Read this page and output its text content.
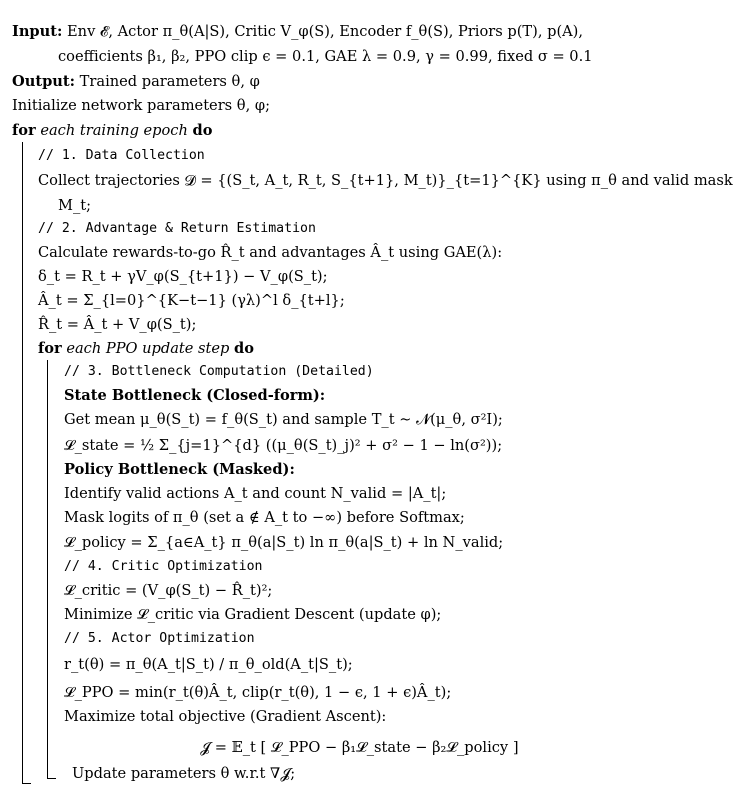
Input: Env 𝓔, Actor π_θ(A|S), Critic V_φ(S), Encoder f_θ(S), Priors p(T), p(A),
coefficients β₁, β₂, PPO clip ϵ = 0.1, GAE λ = 0.9, γ = 0.99, fixed σ = 0.1
Output: Trained parameters θ, φ
Initialize network parameters θ, φ;
for each training epoch do
// 1. Data Collection
Collect trajectories 𝓓 = {(S_t, A_t, R_t, S_{t+1}, M_t)}_{t=1}^{K} using π_θ and valid mask
M_t;
// 2. Advantage & Return Estimation
Calculate rewards-to-go R̂_t and advantages Â_t using GAE(λ):
δ_t = R_t + γV_φ(S_{t+1}) − V_φ(S_t);
Â_t = Σ_{l=0}^{K−t−1} (γλ)^l δ_{t+l};
R̂_t = Â_t + V_φ(S_t);
for each PPO update step do
// 3. Bottleneck Computation (Detailed)
State Bottleneck (Closed-form):
Get mean μ_θ(S_t) = f_θ(S_t) and sample T_t ∼ 𝓝(μ_θ, σ²I);
𝓛_state = ½ Σ_{j=1}^{d} ((μ_θ(S_t)_j)² + σ² − 1 − ln(σ²));
Policy Bottleneck (Masked):
Identify valid actions A_t and count N_valid = |A_t|;
Mask logits of π_θ (set a ∉ A_t to −∞) before Softmax;
𝓛_policy = Σ_{a∈A_t} π_θ(a|S_t) ln π_θ(a|S_t) + ln N_valid;
// 4. Critic Optimization
𝓛_critic = (V_φ(S_t) − R̂_t)²;
Minimize 𝓛_critic via Gradient Descent (update φ);
// 5. Actor Optimization
r_t(θ) = π_θ(A_t|S_t) / π_θ_old(A_t|S_t);
𝓛_PPO = min(r_t(θ)Â_t, clip(r_t(θ), 1 − ϵ, 1 + ϵ)Â_t);
Maximize total objective (Gradient Ascent):
𝓙 = 𝔼_t [ 𝓛_PPO − β₁𝓛_state − β₂𝓛_policy ]
Update parameters θ w.r.t ∇𝓙;
